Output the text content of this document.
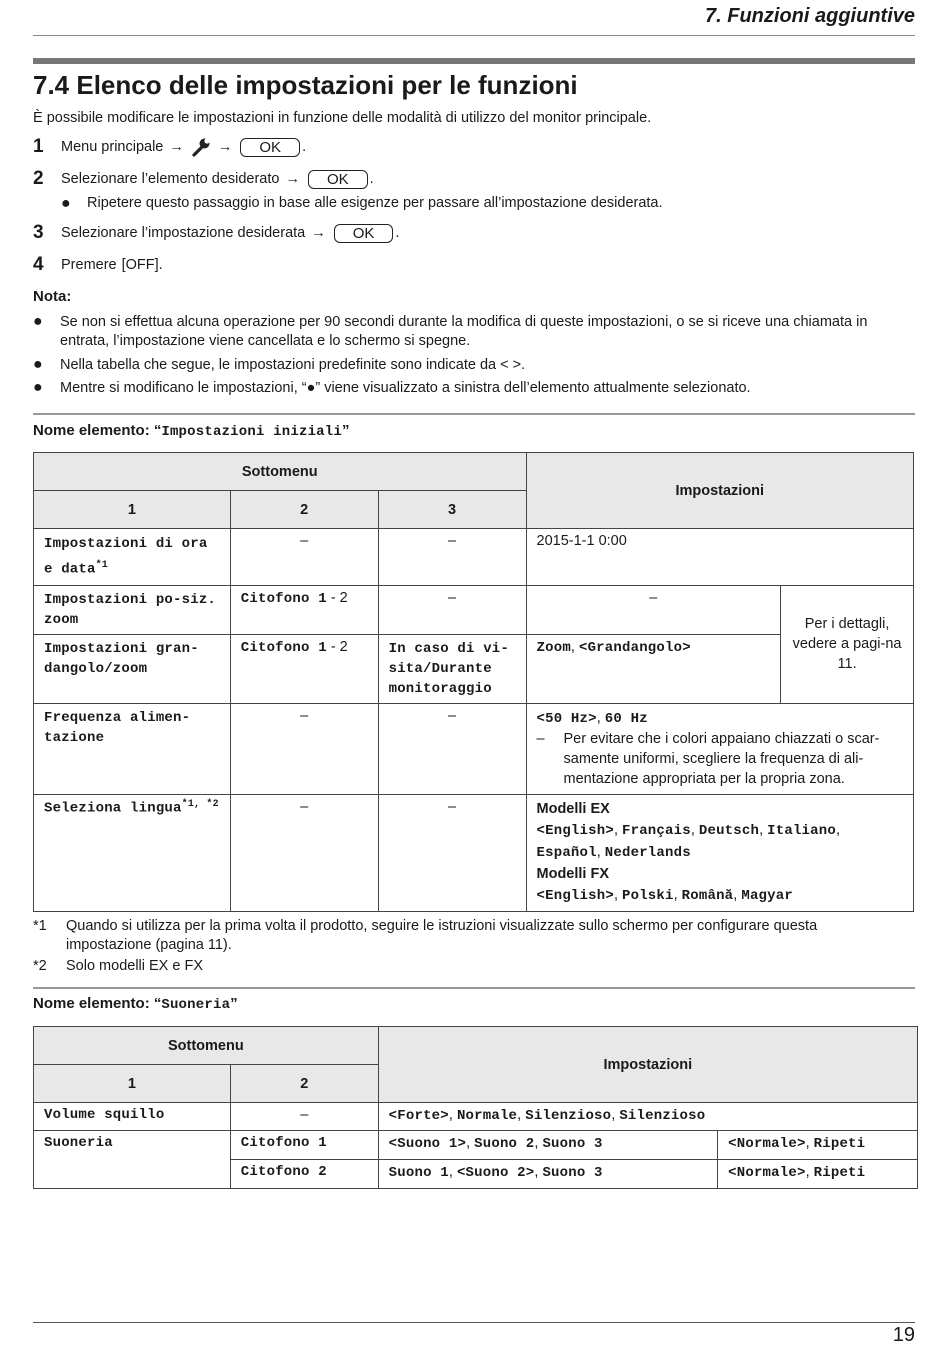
7. Funzioni aggiuntive
7.4 Elenco delle impostazioni per le funzioni
È possibile modificare le impostazioni in funzione delle modalità di utilizzo del monitor principale.
1	Menu principale → →	OK	.
2	Selezionare l’elemento desiderato →	OK	.
●	Ripetere questo passaggio in base alle esigenze per passare all’impostazione desiderata.
3	Selezionare l’impostazione desiderata →	OK	.
4	Premere [ OFF ].
Nota:
●	Se non si effettua alcuna operazione per 90 secondi durante la modifica di queste impostazioni, o se si riceve una chiamata in entrata, l’impostazione viene cancellata e lo schermo si spegne.
●	Nella tabella che segue, le impostazioni predefinite sono indicate da < >.
●	Mentre si modificano le impostazioni, “●” viene visualizzato a sinistra dell’elemento attualmente selezionato.
Nome elemento: “Impostazioni iniziali”
Sottomenu			Impostazioni	
1	2	3		
Impostazioni di ora e data$^{*1}$	–	–	2015-1-1 0:00	
Impostazioni po-siz. zoom	Citofono 1 - 2	–	–	Per i dettagli, vedere a pagi-na 11.
Impostazioni gran-dangolo/zoom	Citofono 1 - 2	In caso di vi-sita/Durante monitoraggio	Zoom, <Grandangolo>	
Frequenza alimen-tazione	–	–	<50 Hz>, 60 Hz
– Per evitare che i colori appaiano chiazzati o scar-samente uniformi, scegliere la frequenza di ali-mentazione appropriata per la propria zona.	

Seleziona lingua$^{*1, *2}$	–	–	Modelli EX
<English>, Français, Deutsch, Italiano,
Español, Nederlands
Modelli FX
<English>, Polski, Română, Magyar	
*1	Quando si utilizza per la prima volta il prodotto, seguire le istruzioni visualizzate sullo schermo per configurare questa impostazione (pagina 11).
*2	Solo modelli EX e FX
Nome elemento: “Suoneria”
Sottomenu		Impostazioni	
1	2		
Volume squillo	–	<Forte>, Normale, Silenzioso, Silenzioso	
Suoneria	Citofono 1	<Suono 1>, Suono 2, Suono 3	<Normale>, Ripeti
	Citofono 2	Suono 1, <Suono 2>, Suono 3	<Normale>, Ripeti
19
